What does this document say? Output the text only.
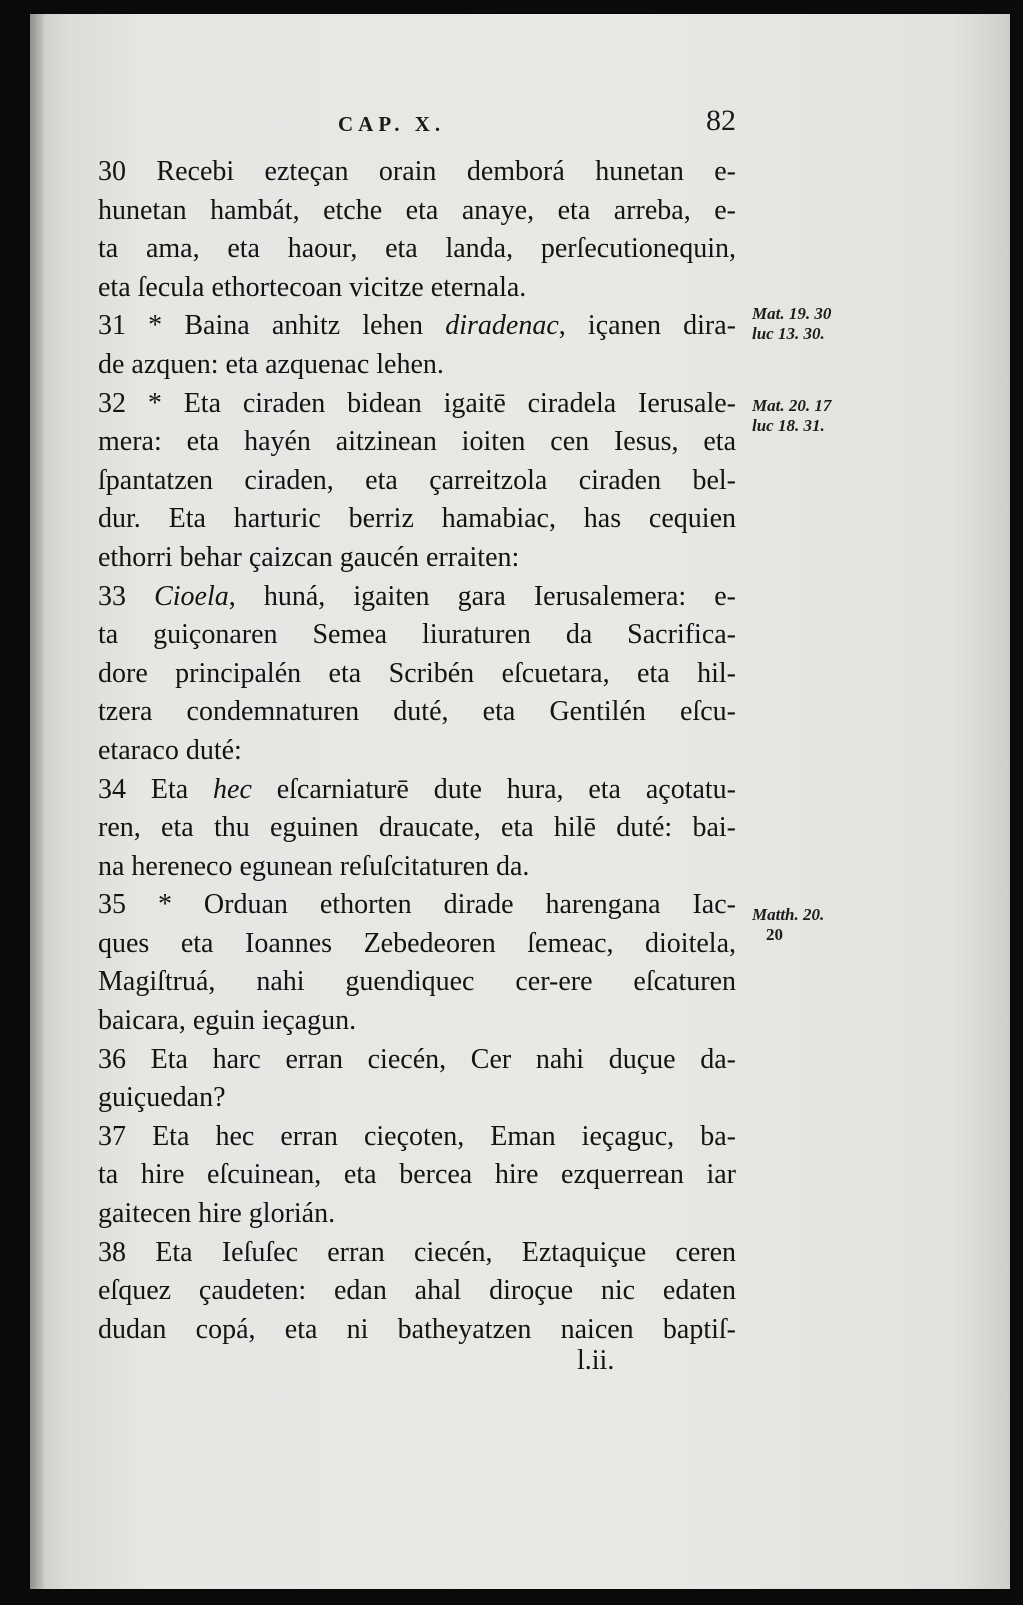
CAP. X.	82
30 Recebi ezteçan orain demborá hunetan e-
hunetan hambát, etche eta anaye, eta arreba, e-
ta ama, eta haour, eta landa, perſecutionequin,
eta ſecula ethortecoan vicitze eternala.
31 * Baina anhitz lehen diradenac, içanen dira-
de azquen: eta azquenac lehen.
32 * Eta ciraden bidean igaitē ciradela Ierusale-
mera: eta hayén aitzinean ioiten cen Iesus, eta
ſpantatzen ciraden, eta çarreitzola ciraden bel-
dur. Eta harturic berriz hamabiac, has cequien
ethorri behar çaizcan gaucén erraiten:
33 Cioela, huná, igaiten gara Ierusalemera: e-
ta guiçonaren Semea liuraturen da Sacrifica-
dore principalén eta Scribén eſcuetara, eta hil-
tzera condemnaturen duté, eta Gentilén eſcu-
etaraco duté:
34 Eta hec eſcarniaturē dute hura, eta açotatu-
ren, eta thu eguinen draucate, eta hilē duté: bai-
na hereneco egunean reſuſcitaturen da.
35 * Orduan ethorten dirade harengana Iac-
ques eta Ioannes Zebedeoren ſemeac, dioitela,
Magiſtruá, nahi guendiquec cer-ere eſcaturen
baicara, eguin ieçagun.
36 Eta harc erran ciecén, Cer nahi duçue da-
guiçuedan?
37 Eta hec erran cieçoten, Eman ieçaguc, ba-
ta hire eſcuinean, eta bercea hire ezquerrean iar
gaitecen hire glorián.
38 Eta Ieſuſec erran ciecén, Eztaquiçue ceren
eſquez çaudeten: edan ahal diroçue nic edaten
dudan copá, eta ni batheyatzen naicen baptiſ-
Mat. 19. 30
luc 13. 30.
Mat. 20. 17
luc 18. 31.
Matth. 20.
20
l.ii.
